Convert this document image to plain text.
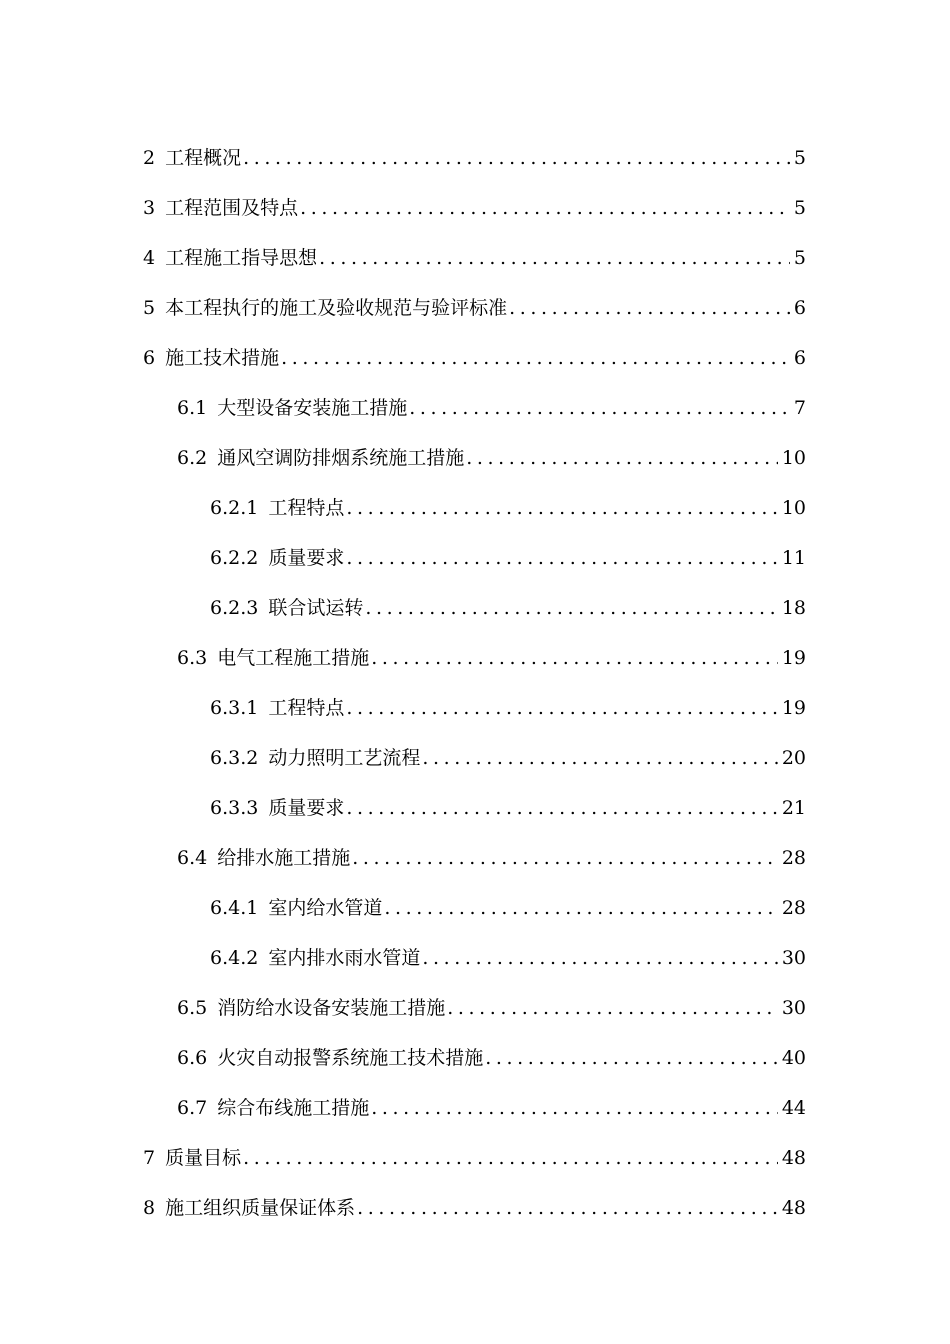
2 工程概况 .....	5
3 工程范围及特点 .....	5
4 工程施工指导思想 .....	5
5 本工程执行的施工及验收规范与验评标准 .....	6
6 施工技术措施 .....	6
6.1 大型设备安装施工措施 .....	7
6.2 通风空调防排烟系统施工措施 .....	10
6.2.1 工程特点 .....	10
6.2.2 质量要求 .....	11
6.2.3 联合试运转 .....	18
6.3 电气工程施工措施 .....	19
6.3.1 工程特点 .....	19
6.3.2 动力照明工艺流程 .....	20
6.3.3 质量要求 .....	21
6.4 给排水施工措施 .....	28
6.4.1 室内给水管道 .....	28
6.4.2 室内排水雨水管道 .....	30
6.5 消防给水设备安装施工措施 .....	30
6.6 火灾自动报警系统施工技术措施 .....	40
6.7 综合布线施工措施 .....	44
7 质量目标 .....	48
8 施工组织质量保证体系 .....	48
